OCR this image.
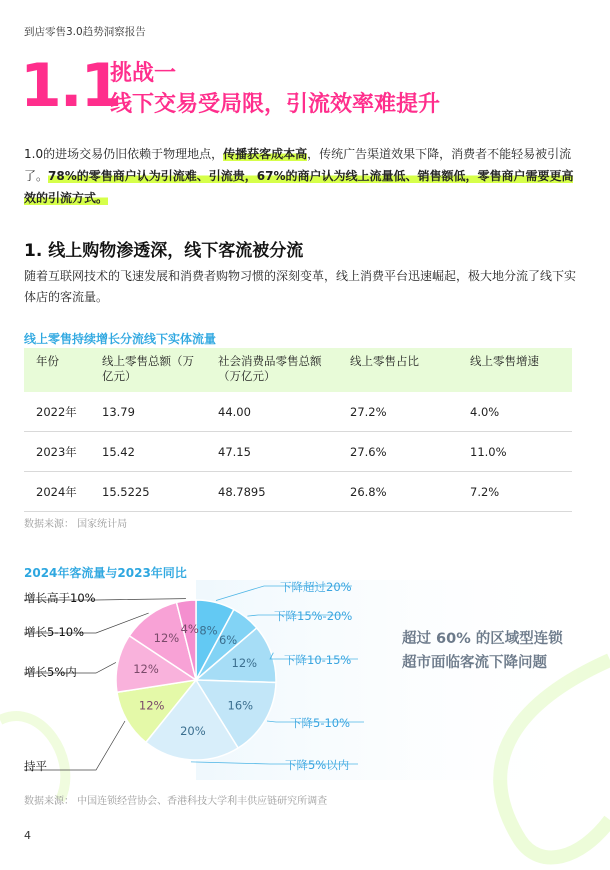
到店零售3.0趋势洞察报告
1.1
挑战一
线下交易受局限，引流效率难提升
1.0的进场交易仍旧依赖于物理地点，传播获客成本高，传统广告渠道效果下降，消费者不能轻易被引流了。78%的零售商户认为引流难、引流贵，67%的商户认为线上流量低、销售额低，零售商户需要更高效的引流方式。
1. 线上购物渗透深，线下客流被分流
随着互联网技术的飞速发展和消费者购物习惯的深刻变革，线上消费平台迅速崛起，极大地分流了线下实体店的客流量。
线上零售持续增长分流线下实体流量
年份	线上零售总额（万亿元）	社会消费品零售总额（万亿元）	线上零售占比	线上零售增速
2022年	13.79	44.00	27.2%	4.0%
2023年	15.42	47.15	27.6%	11.0%
2024年	15.5225	48.7895	26.8%	7.2%
数据来源： 国家统计局
2024年客流量与2023年同比
8%
6%
12%
16%
20%
12%
12%
12%
4%
增长高于10%
增长5-10%
增长5%内
持平
下降超过20%
下降15%-20%
下降10-15%
下降5-10%
下降5%以内
超过 60% 的区域型连锁超市面临客流下降问题
数据来源： 中国连锁经营协会、香港科技大学利丰供应链研究所调查
4
